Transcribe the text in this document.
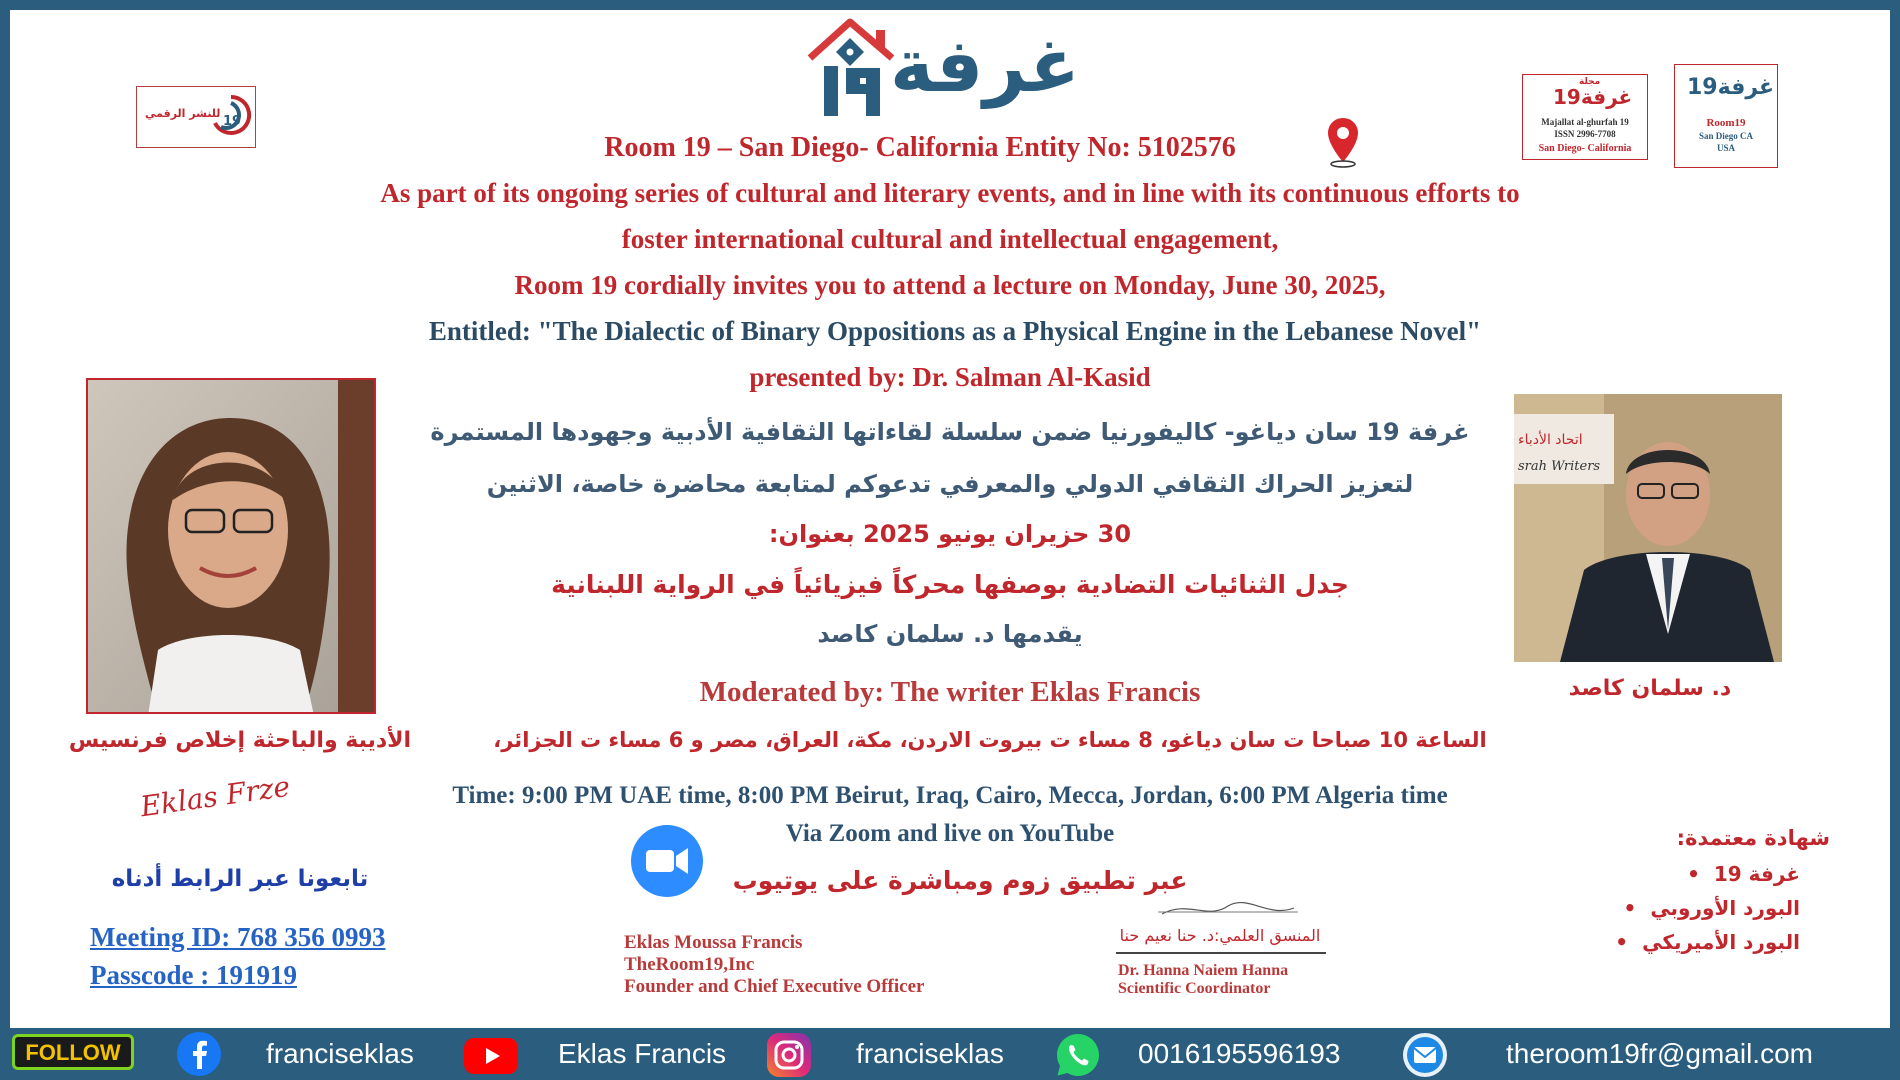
غرفة
للنشر الرقمي
19
مجلة
غرفة19
Majallat al-ghurfah 19
ISSN 2996-7708
San Diego- California
غرفة19
Room19
San Diego CA
USA
Room 19 – San Diego- California Entity No: 5102576
As part of its ongoing series of cultural and literary events, and in line with its continuous efforts to
foster international cultural and intellectual engagement,
Room 19 cordially invites you to attend a lecture on Monday, June 30, 2025,
Entitled: "The Dialectic of Binary Oppositions as a Physical Engine in the Lebanese Novel"
presented by: Dr. Salman Al-Kasid
غرفة 19 سان دياغو- كاليفورنيا ضمن سلسلة لقاءاتها الثقافية الأدبية وجهودها المستمرة
لتعزيز الحراك الثقافي الدولي والمعرفي تدعوكم لمتابعة محاضرة خاصة، الاثنين
30 حزيران يونيو 2025 بعنوان:
جدل الثنائيات التضادية بوصفها محركاً فيزيائياً في الرواية اللبنانية
يقدمها د. سلمان كاصد
الأديبة والباحثة إخلاص فرنسيس
Eklas Frze
اتحاد الأدباء
srah Writers
د. سلمان كاصد
Moderated by: The writer Eklas Francis
الساعة 10 صباحا ت سان دياغو، 8 مساء ت بيروت الاردن، مكة، العراق، مصر و 6 مساء ت الجزائر،
Time: 9:00 PM UAE time, 8:00 PM Beirut, Iraq, Cairo, Mecca, Jordan, 6:00 PM Algeria time
Via Zoom and live on YouTube
عبر تطبيق زوم ومباشرة على يوتيوب
تابعونا عبر الرابط أدناه
Meeting ID: 768 356 0993
Passcode : 191919
Eklas Moussa Francis
TheRoom19,Inc
Founder and Chief Executive Officer
المنسق العلمي:د. حنا نعيم حنا
Dr. Hanna Naiem Hanna
Scientific Coordinator
شهادة معتمدة:
غرفة 19•
البورد الأوروبي•
البورد الأميريكي•
FOLLOW	franciseklas	Eklas Francis	franciseklas	0016195596193	theroom19fr@gmail.com
